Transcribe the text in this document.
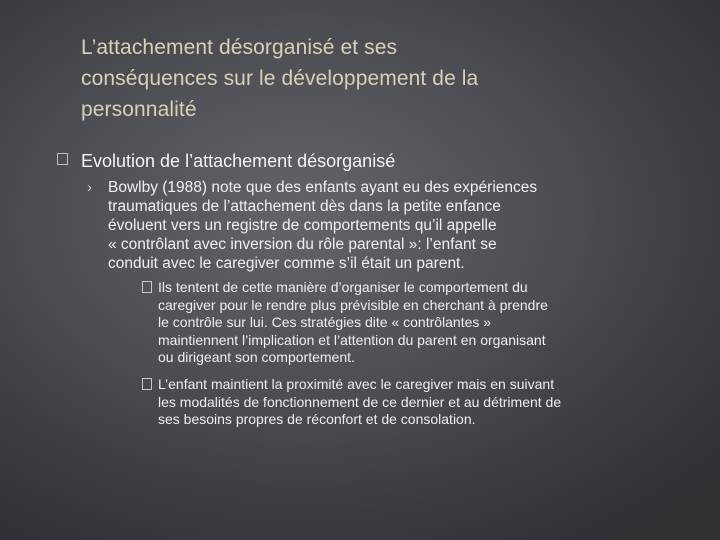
L’attachement désorganisé et ses
conséquences sur le développement de la
personnalité
Evolution de l’attachement désorganisé
› Bowlby (1988) note que des enfants ayant eu des expériences
traumatiques de l’attachement dès dans la petite enfance
évoluent vers un registre de comportements qu’il appelle
« contrôlant avec inversion du rôle parental »: l’enfant se
conduit avec le caregiver comme s’il était un parent.
Ils tentent de cette manière d’organiser le comportement du
caregiver pour le rendre plus prévisible en cherchant à prendre
le contrôle sur lui. Ces stratégies dite « contrôlantes »
maintiennent l’implication et l’attention du parent en organisant
ou dirigeant son comportement.
L’enfant maintient la proximité avec le caregiver mais en suivant
les modalités de fonctionnement de ce dernier et au détriment de
ses besoins propres de réconfort et de consolation.
